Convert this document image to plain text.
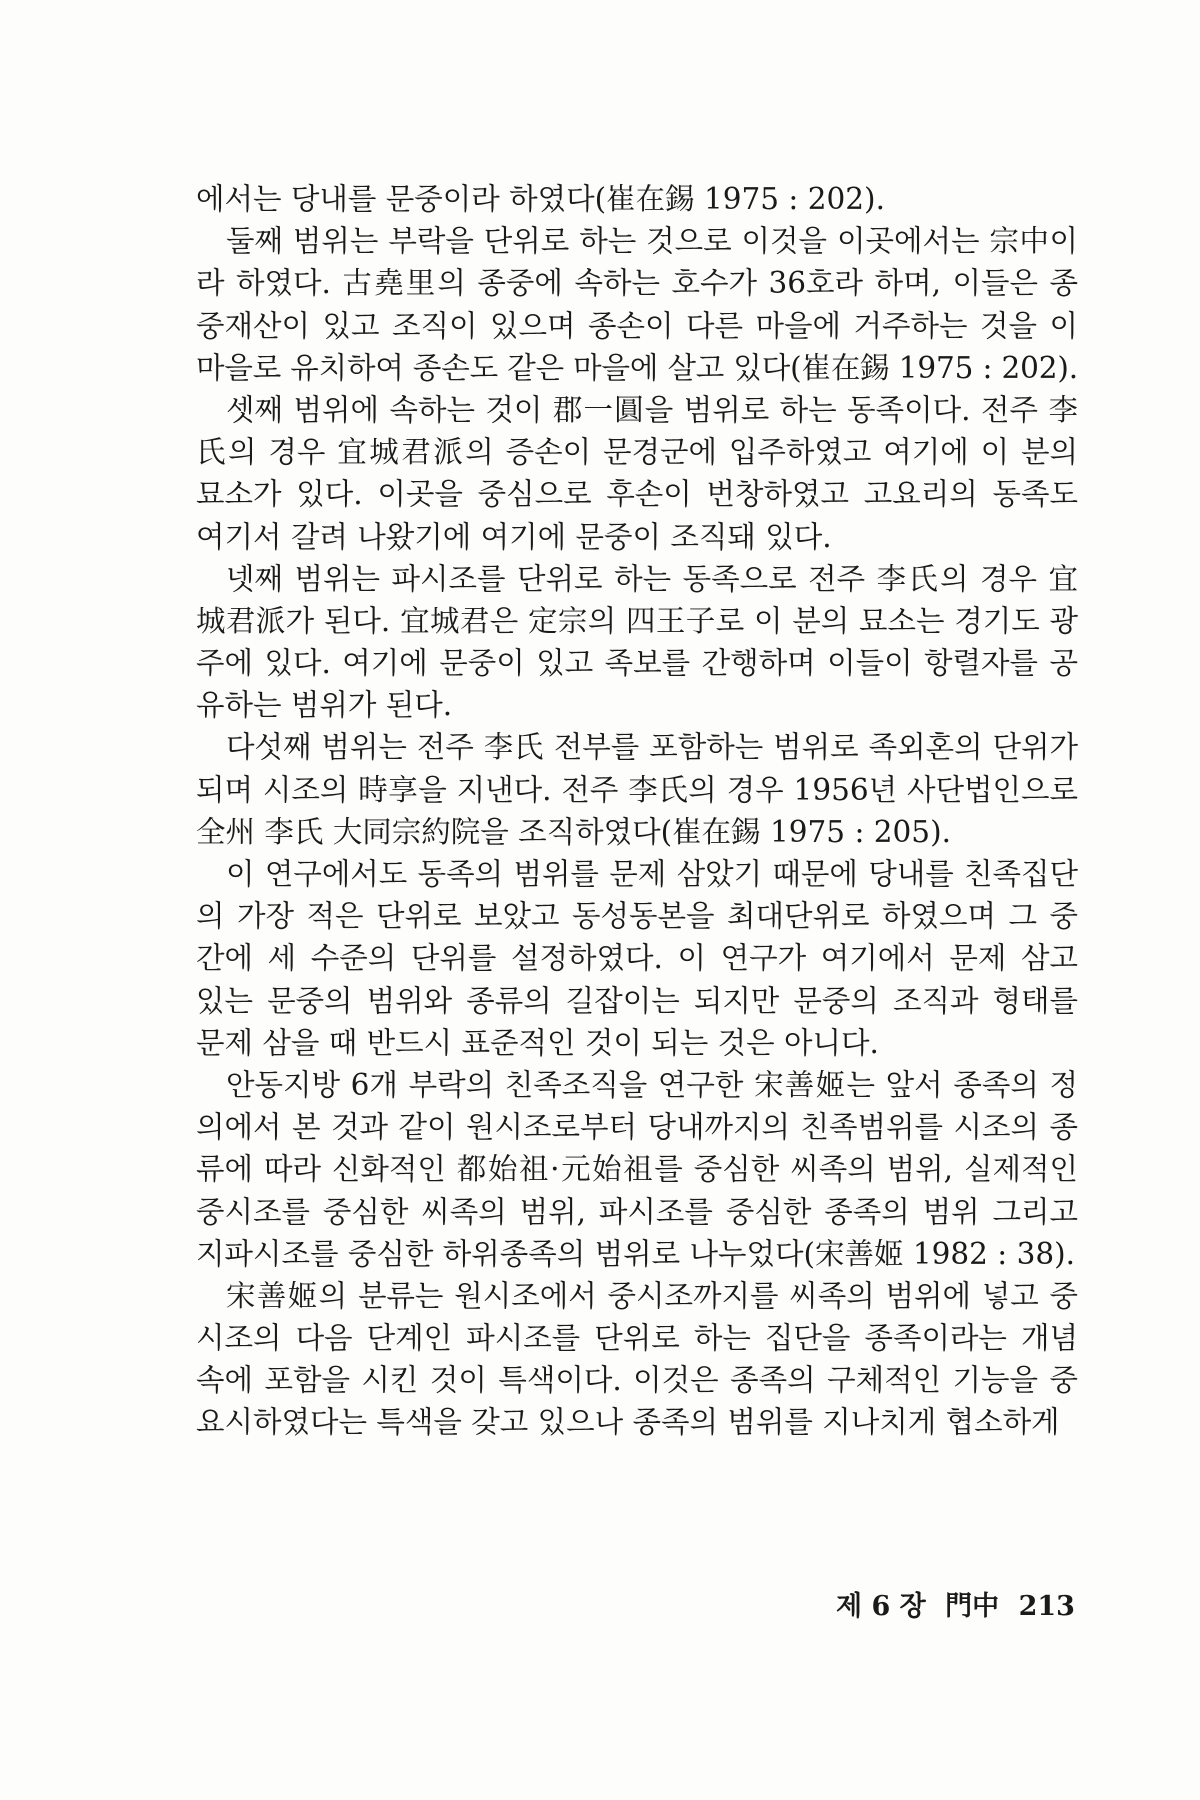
에서는 당내를 문중이라 하였다(崔在錫 1975 : 202).
둘째 범위는 부락을 단위로 하는 것으로 이것을 이곳에서는 宗中이
라 하였다. 古堯里의 종중에 속하는 호수가 36호라 하며, 이들은 종
중재산이 있고 조직이 있으며 종손이 다른 마을에 거주하는 것을 이
마을로 유치하여 종손도 같은 마을에 살고 있다(崔在錫 1975 : 202).
셋째 범위에 속하는 것이 郡一圓을 범위로 하는 동족이다. 전주 李
氏의 경우 宜城君派의 증손이 문경군에 입주하였고 여기에 이 분의
묘소가 있다. 이곳을 중심으로 후손이 번창하였고 고요리의 동족도
여기서 갈려 나왔기에 여기에 문중이 조직돼 있다.
넷째 범위는 파시조를 단위로 하는 동족으로 전주 李氏의 경우 宜
城君派가 된다. 宜城君은 定宗의 四王子로 이 분의 묘소는 경기도 광
주에 있다. 여기에 문중이 있고 족보를 간행하며 이들이 항렬자를 공
유하는 범위가 된다.
다섯째 범위는 전주 李氏 전부를 포함하는 범위로 족외혼의 단위가
되며 시조의 時享을 지낸다. 전주 李氏의 경우 1956년 사단법인으로
全州 李氏 大同宗約院을 조직하였다(崔在錫 1975 : 205).
이 연구에서도 동족의 범위를 문제 삼았기 때문에 당내를 친족집단
의 가장 적은 단위로 보았고 동성동본을 최대단위로 하였으며 그 중
간에 세 수준의 단위를 설정하였다. 이 연구가 여기에서 문제 삼고
있는 문중의 범위와 종류의 길잡이는 되지만 문중의 조직과 형태를
문제 삼을 때 반드시 표준적인 것이 되는 것은 아니다.
안동지방 6개 부락의 친족조직을 연구한 宋善姬는 앞서 종족의 정
의에서 본 것과 같이 원시조로부터 당내까지의 친족범위를 시조의 종
류에 따라 신화적인 都始祖·元始祖를 중심한 씨족의 범위, 실제적인
중시조를 중심한 씨족의 범위, 파시조를 중심한 종족의 범위 그리고
지파시조를 중심한 하위종족의 범위로 나누었다(宋善姬 1982 : 38).
宋善姬의 분류는 원시조에서 중시조까지를 씨족의 범위에 넣고 중
시조의 다음 단계인 파시조를 단위로 하는 집단을 종족이라는 개념
속에 포함을 시킨 것이 특색이다. 이것은 종족의 구체적인 기능을 중
요시하였다는 특색을 갖고 있으나 종족의 범위를 지나치게 협소하게
제 6 장 門中 213
